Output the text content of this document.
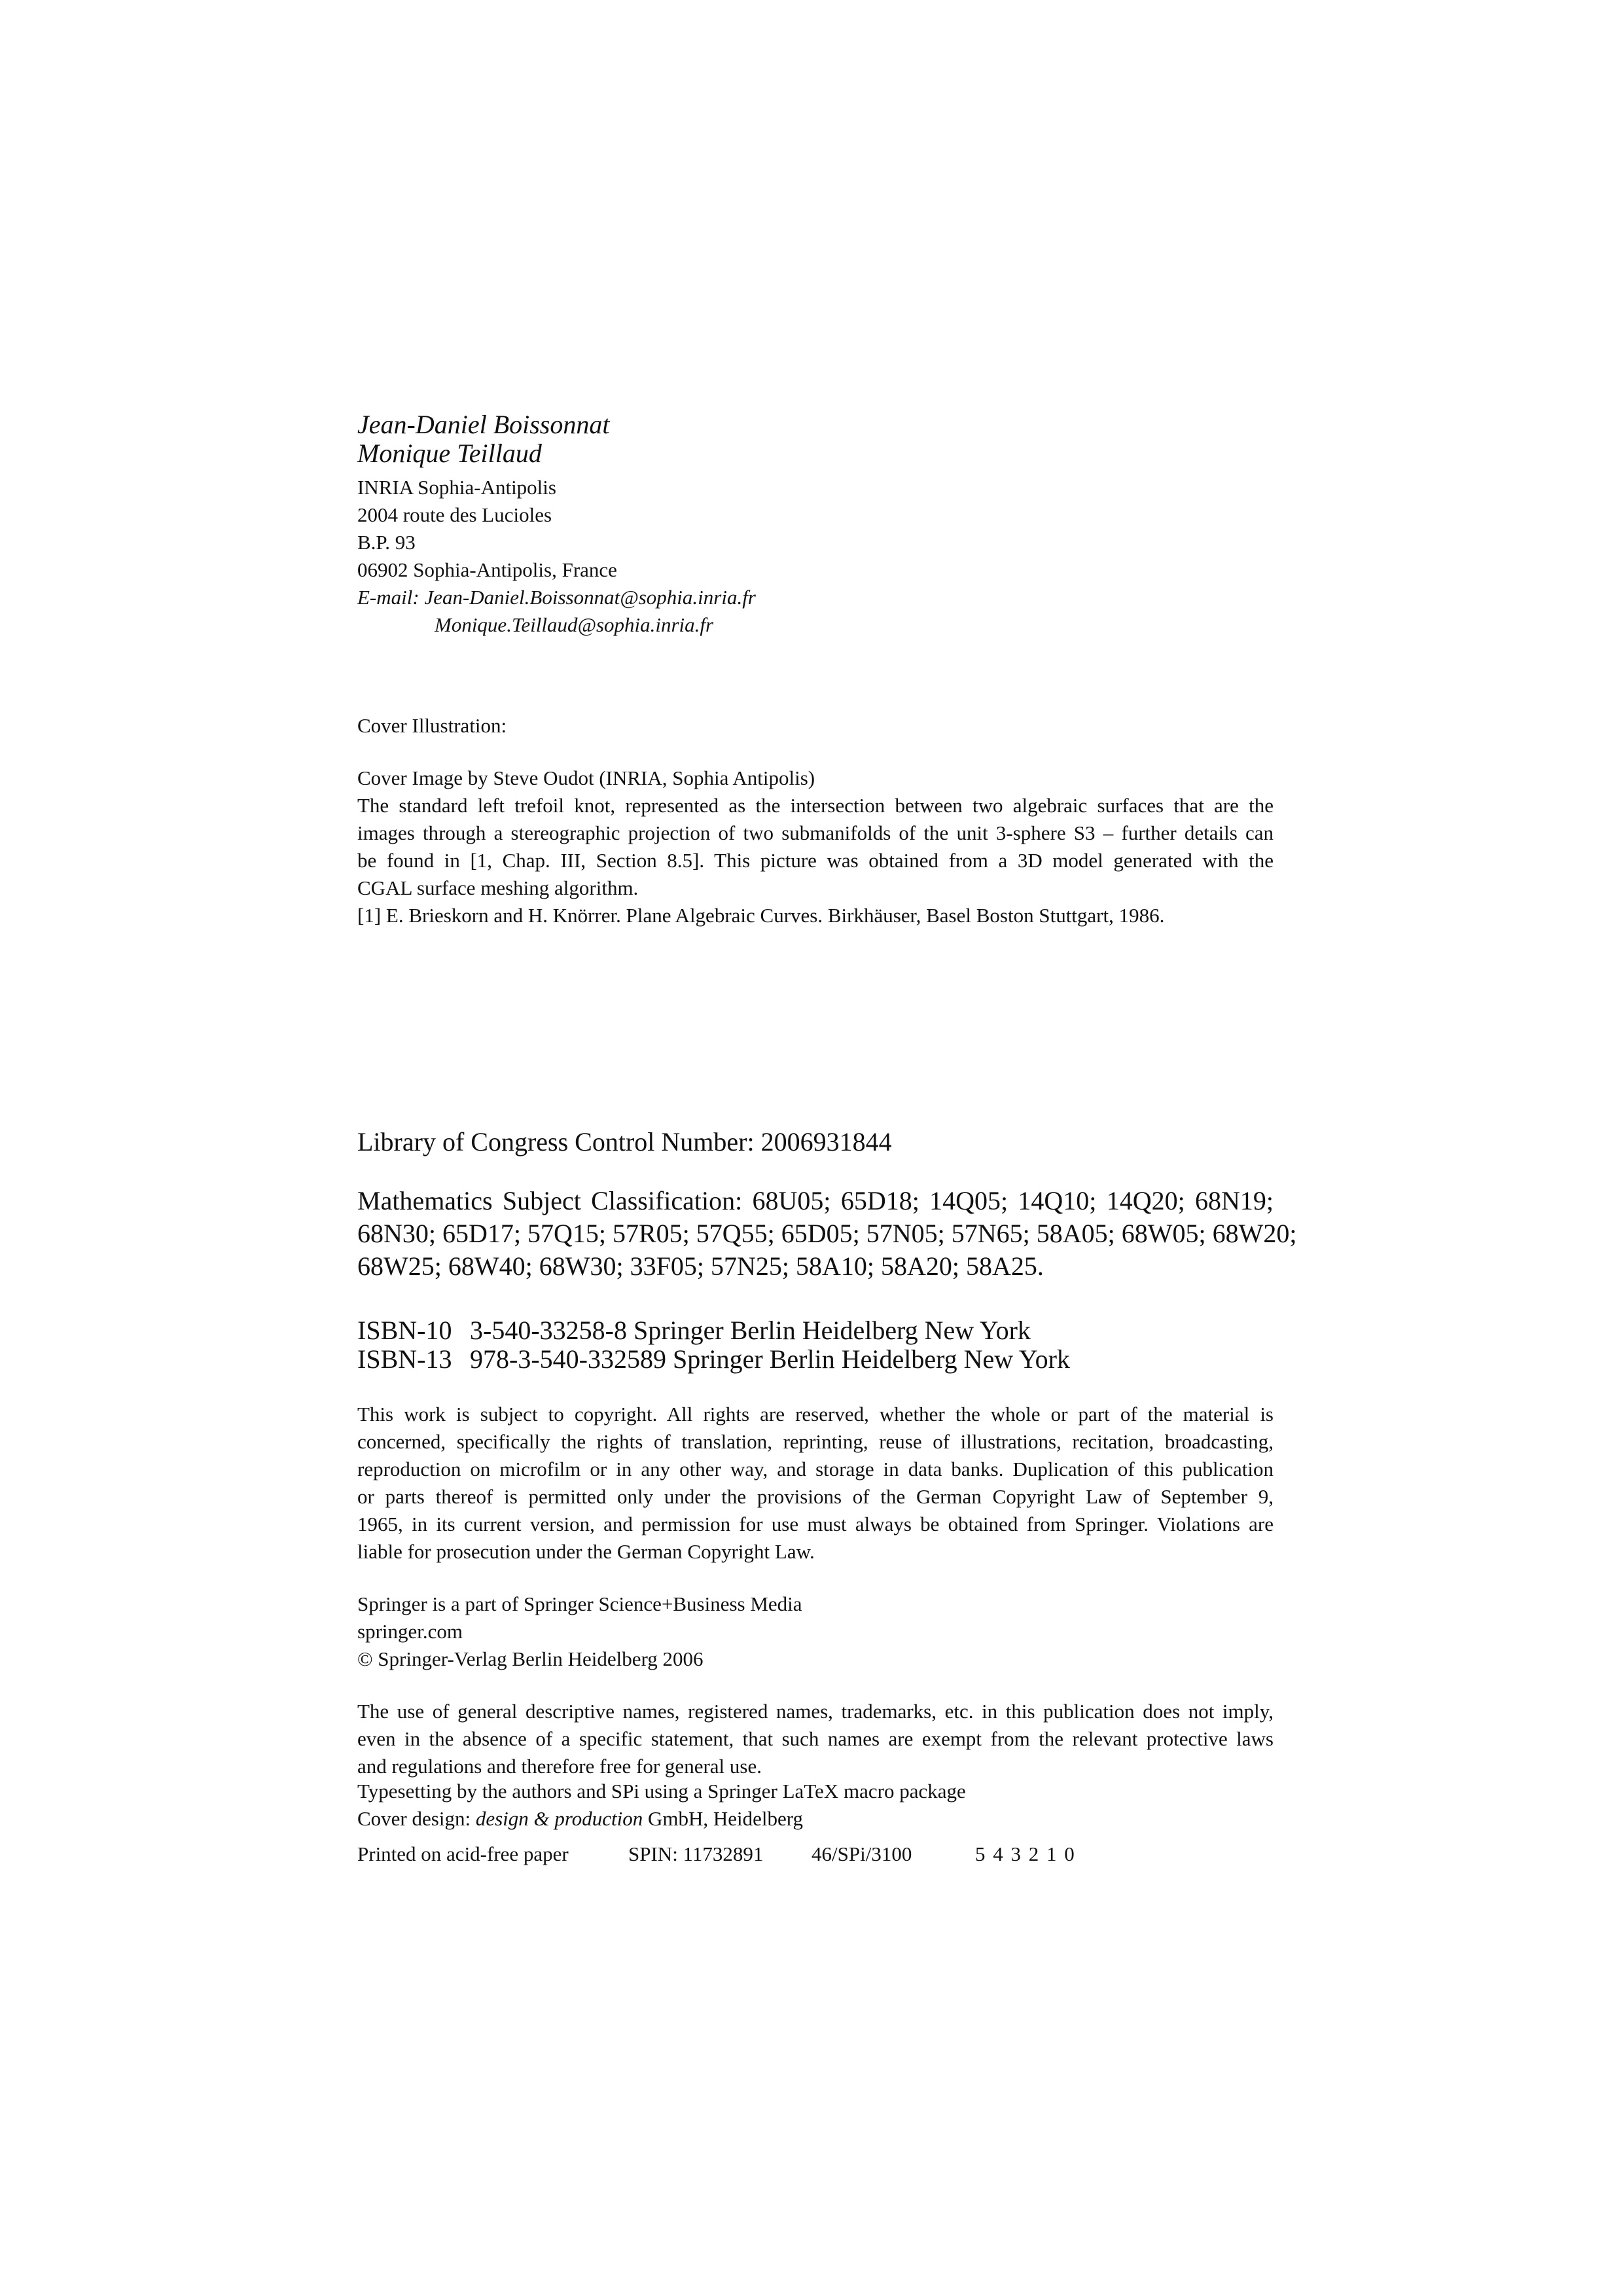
Jean-Daniel Boissonnat
Monique Teillaud
INRIA Sophia-Antipolis
2004 route des Lucioles
B.P. 93
06902 Sophia-Antipolis, France
E-mail: Jean-Daniel.Boissonnat@sophia.inria.fr
Monique.Teillaud@sophia.inria.fr
Cover Illustration:
Cover Image by Steve Oudot (INRIA, Sophia Antipolis)
The standard left trefoil knot, represented as the intersection between two algebraic surfaces that are the
images through a stereographic projection of two submanifolds of the unit 3-sphere S3 – further details can
be found in [1, Chap. III, Section 8.5]. This picture was obtained from a 3D model generated with the
CGAL surface meshing algorithm.
[1] E. Brieskorn and H. Knörrer. Plane Algebraic Curves. Birkhäuser, Basel Boston Stuttgart, 1986.
Library of Congress Control Number: 2006931844
Mathematics Subject Classification: 68U05; 65D18; 14Q05; 14Q10; 14Q20; 68N19;
68N30; 65D17; 57Q15; 57R05; 57Q55; 65D05; 57N05; 57N65; 58A05; 68W05; 68W20;
68W25; 68W40; 68W30; 33F05; 57N25; 58A10; 58A20; 58A25.
ISBN-10 3-540-33258-8 Springer Berlin Heidelberg New York
ISBN-13 978-3-540-332589 Springer Berlin Heidelberg New York
This work is subject to copyright. All rights are reserved, whether the whole or part of the material is
concerned, specifically the rights of translation, reprinting, reuse of illustrations, recitation, broadcasting,
reproduction on microfilm or in any other way, and storage in data banks. Duplication of this publication
or parts thereof is permitted only under the provisions of the German Copyright Law of September 9,
1965, in its current version, and permission for use must always be obtained from Springer. Violations are
liable for prosecution under the German Copyright Law.
Springer is a part of Springer Science+Business Media
springer.com
© Springer-Verlag Berlin Heidelberg 2006
The use of general descriptive names, registered names, trademarks, etc. in this publication does not imply,
even in the absence of a specific statement, that such names are exempt from the relevant protective laws
and regulations and therefore free for general use.
Typesetting by the authors and SPi using a Springer LaTeX macro package
Cover design: design & production GmbH, Heidelberg
Printed on acid-free paper	SPIN: 11732891 46/SPi/3100	5 4 3 2 1 0
